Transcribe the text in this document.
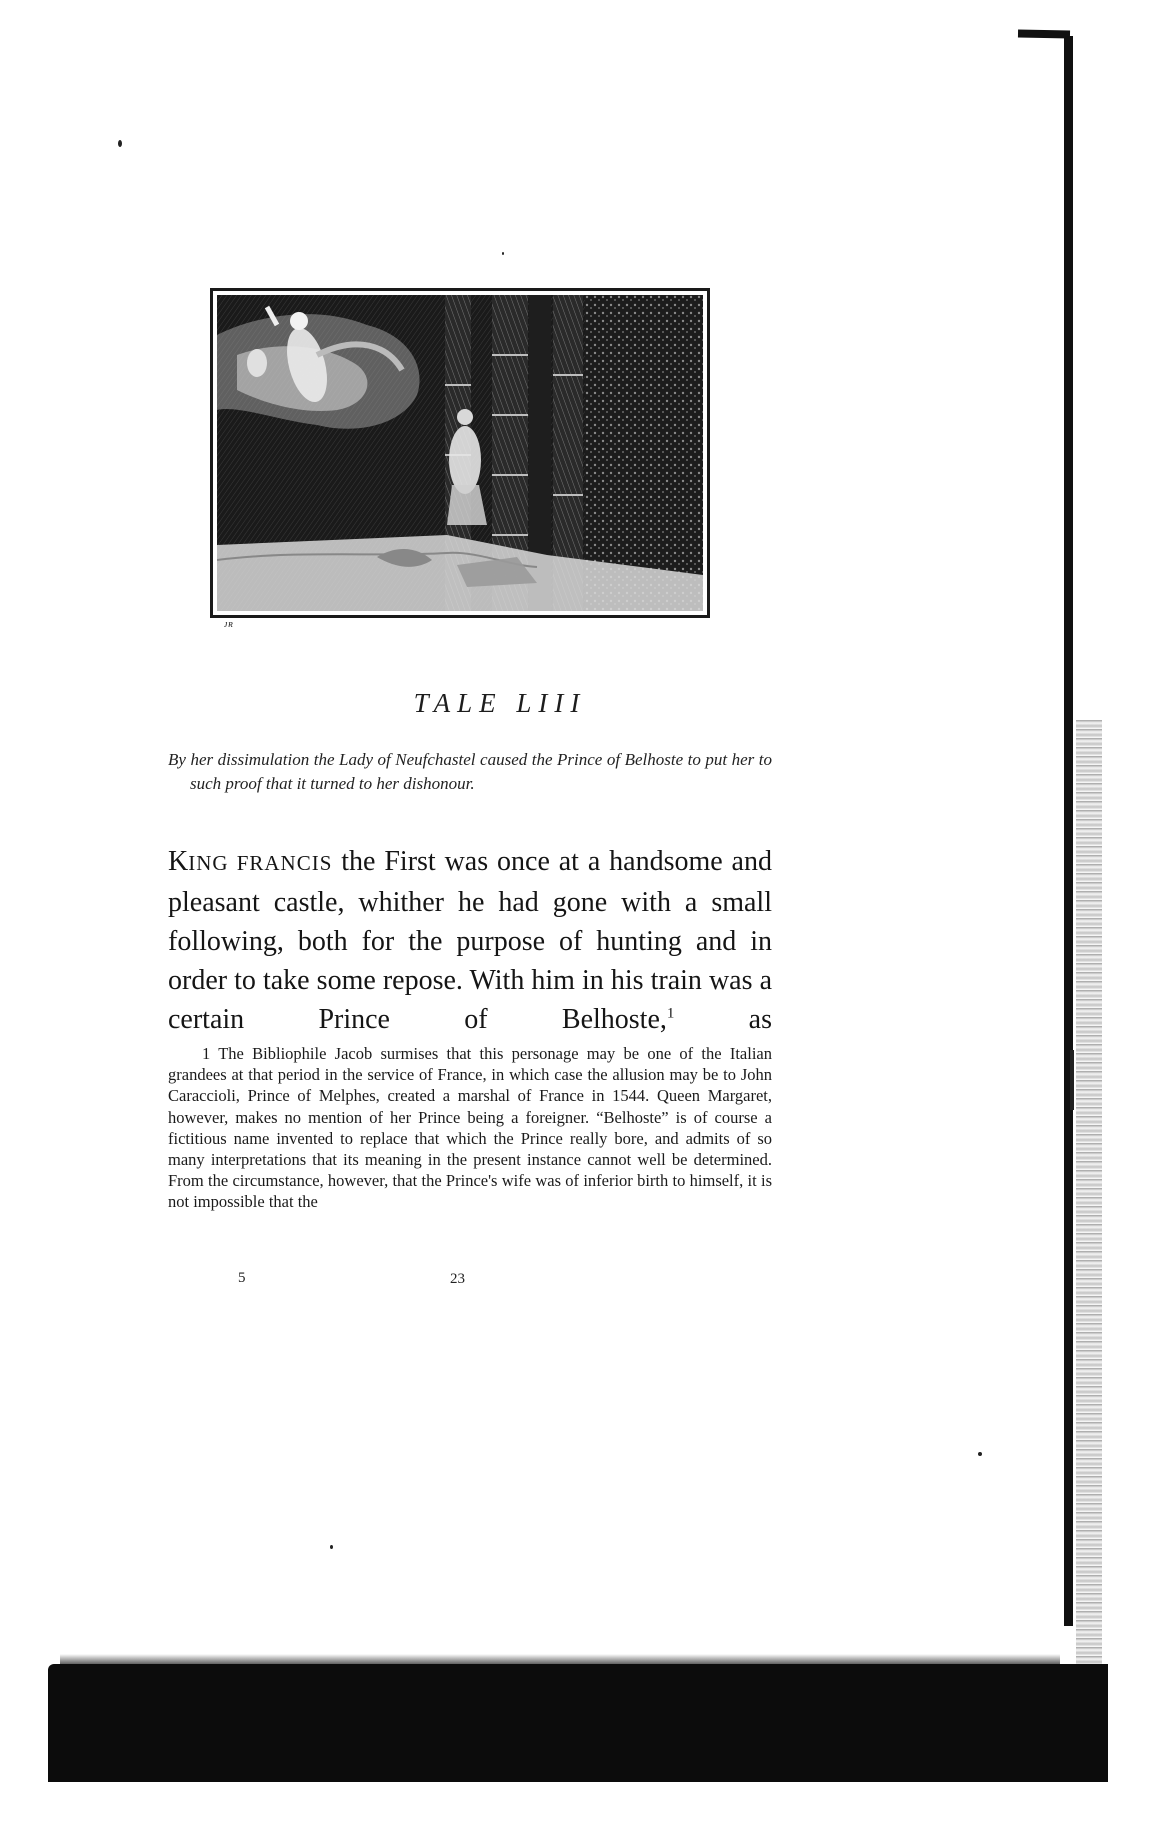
ᴊʀ
TALE LIII
By her dissimulation the Lady of Neufchastel caused the Prince of Belhoste to put her to such proof that it turned to her dishonour.
KING FRANCIS the First was once at a handsome and pleasant castle, whither he had gone with a small following, both for the purpose of hunting and in order to take some repose. With him in his train was a certain Prince of Belhoste,$^1$ as
1 The Bibliophile Jacob surmises that this personage may be one of the Italian grandees at that period in the service of France, in which case the allusion may be to John Caraccioli, Prince of Melphes, created a marshal of France in 1544. Queen Margaret, however, makes no mention of her Prince being a foreigner. “Belhoste” is of course a fictitious name invented to replace that which the Prince really bore, and admits of so many interpretations that its meaning in the present instance cannot well be determined. From the circumstance, however, that the Prince's wife was of inferior birth to himself, it is not impossible that the
5	23
